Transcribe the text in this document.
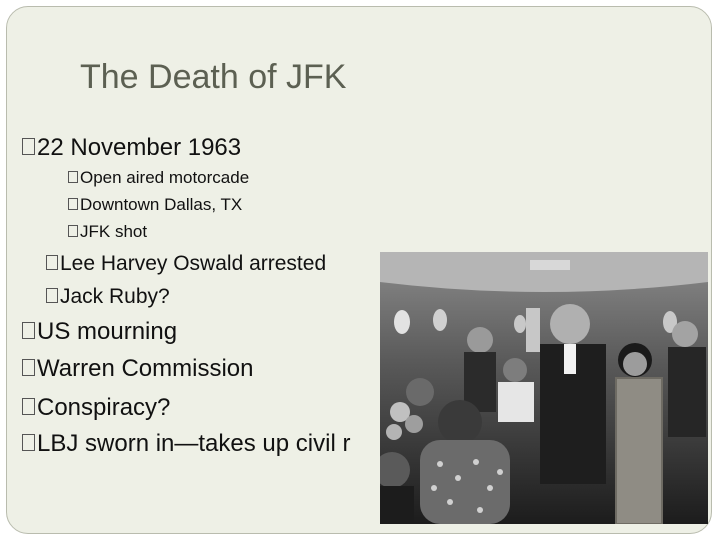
The Death of JFK
22 November 1963
Open aired motorcade
Downtown Dallas, TX
JFK shot
Lee Harvey Oswald arrested
Jack Ruby?
US mourning
Warren Commission
Conspiracy?
LBJ sworn in—takes up civil r
